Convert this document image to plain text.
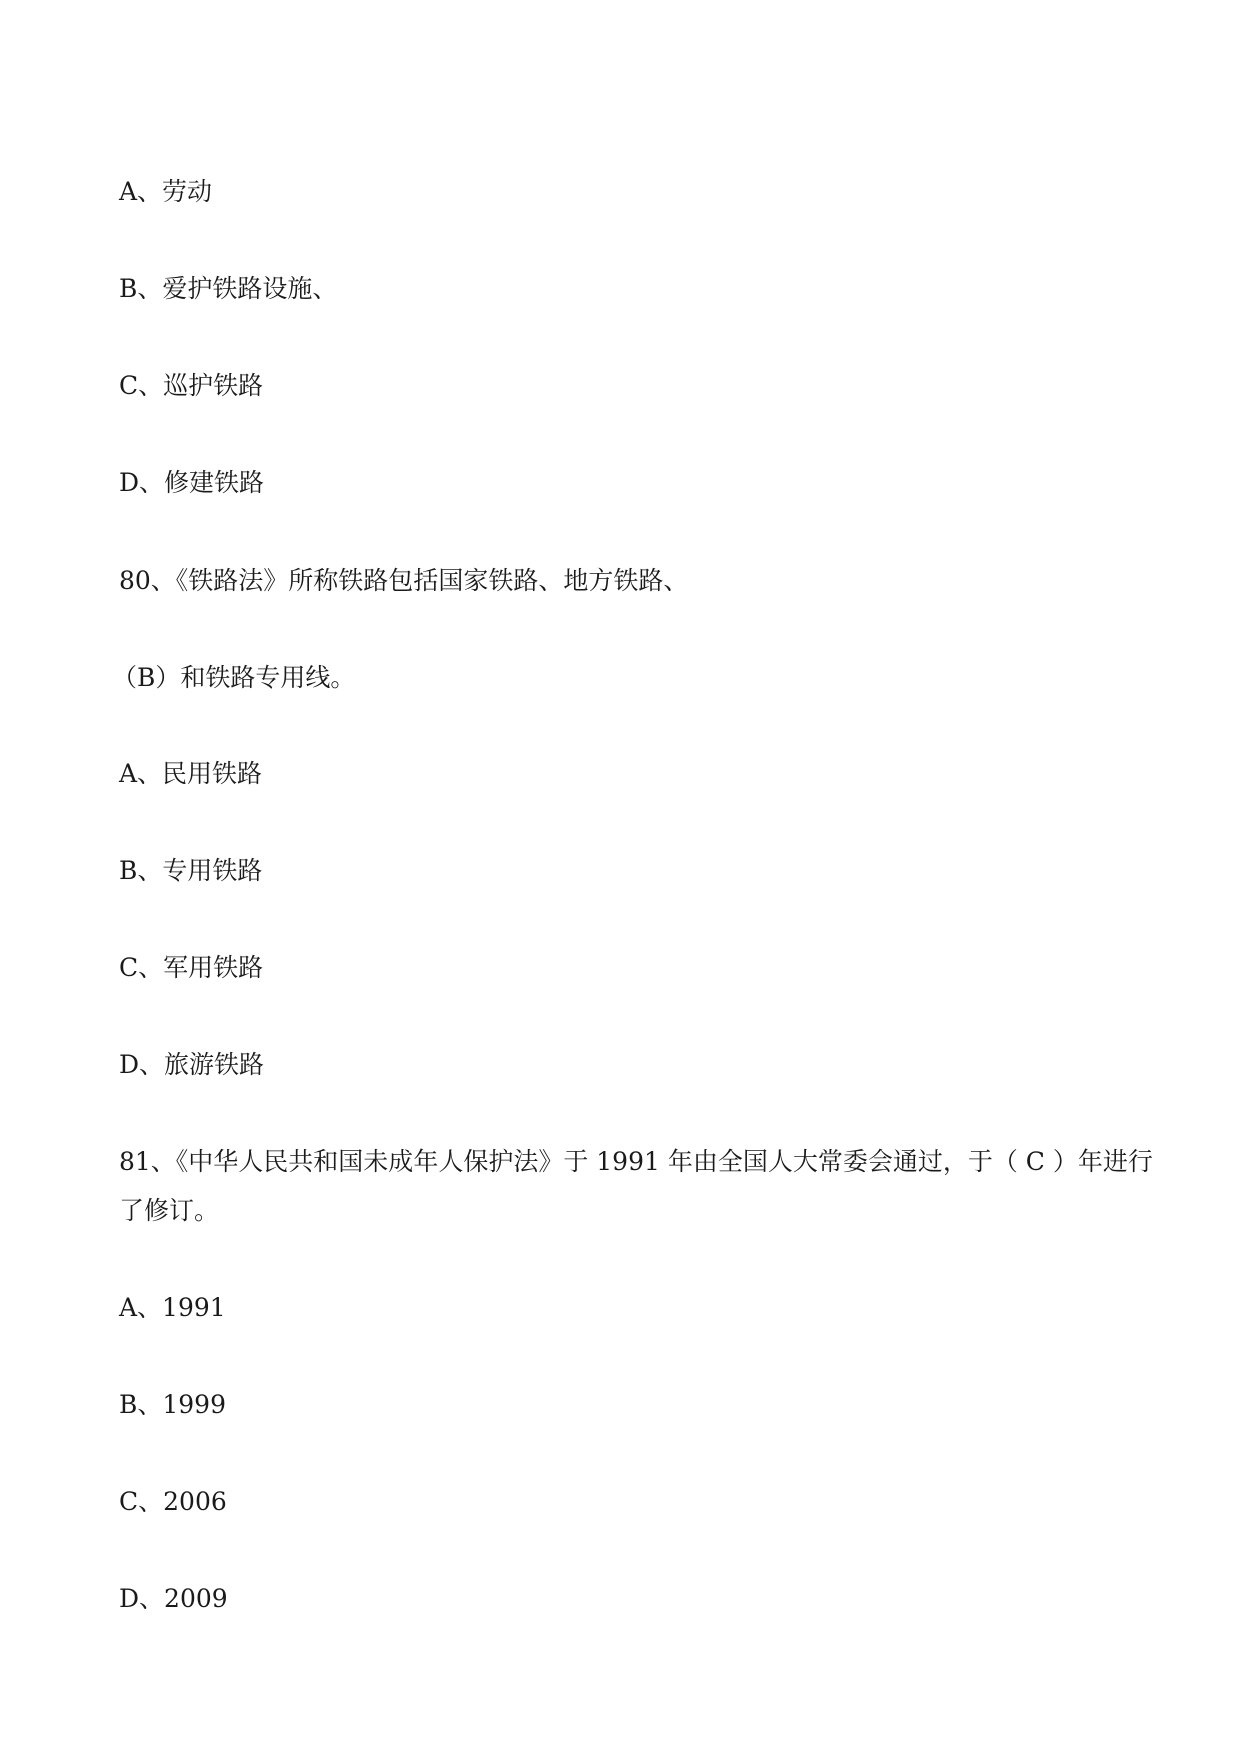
A、劳动
B、爱护铁路设施、
C、巡护铁路
D、修建铁路
80、《铁路法》所称铁路包括国家铁路、地方铁路、
（B）和铁路专用线。
A、民用铁路
B、专用铁路
C、军用铁路
D、旅游铁路
81、《中华人民共和国未成年人保护法》于 1991 年由全国人大常委会通过，于（ C ）年进行
了修订。
A、1991
B、1999
C、2006
D、2009
